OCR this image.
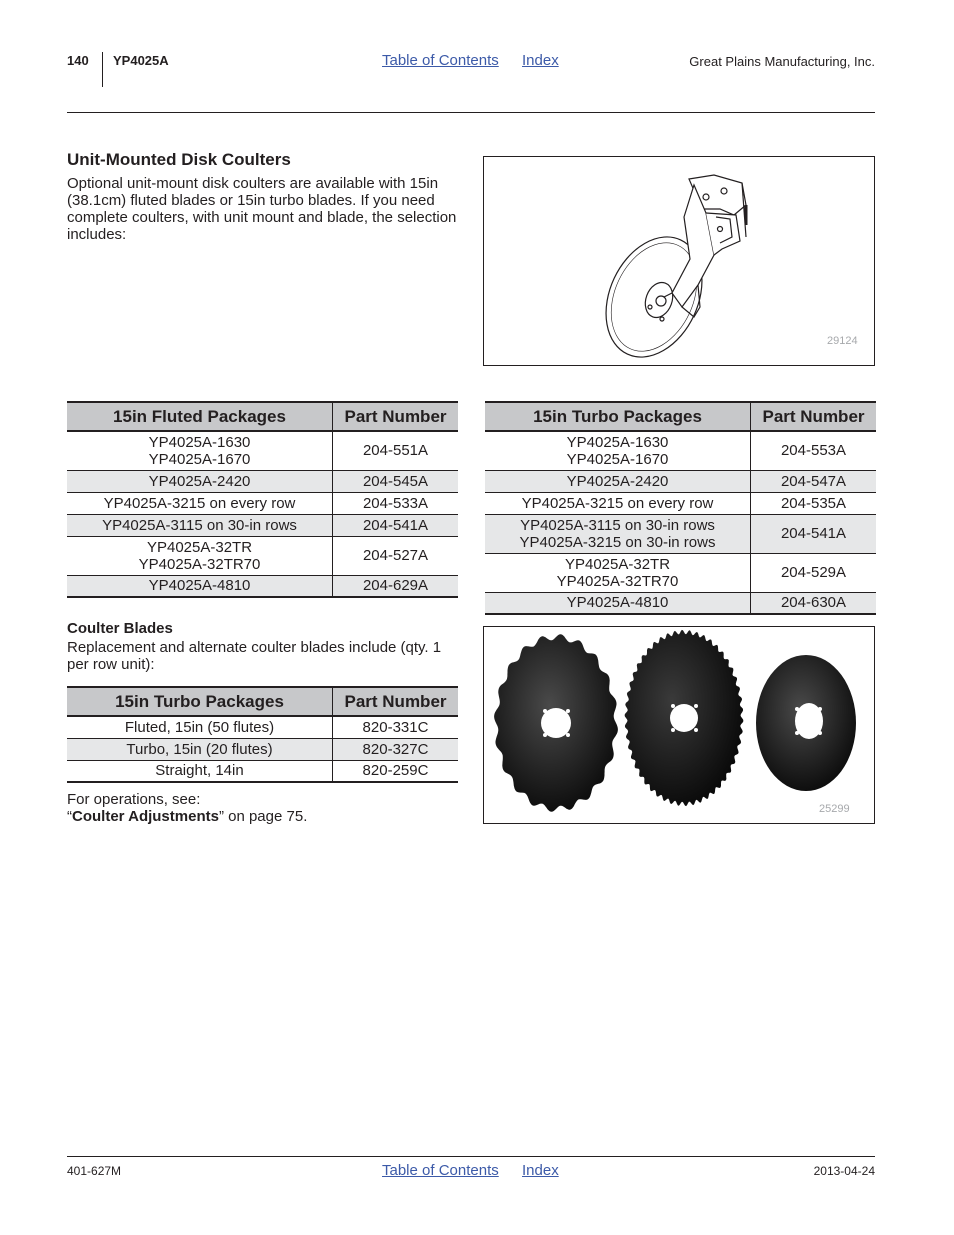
140 YP4025A	Table of Contents Index	Great Plains Manufacturing, Inc.
Unit-Mounted Disk Coulters
Optional unit-mount disk coulters are available with 15in (38.1cm) fluted blades or 15in turbo blades. If you need complete coulters, with unit mount and blade, the selection includes:
29124
15in Fluted Packages	Part Number
YP4025A-1630
YP4025A-1670	204-551A
YP4025A-2420	204-545A
YP4025A-3215 on every row	204-533A
YP4025A-3115 on 30-in rows	204-541A
YP4025A-32TR
YP4025A-32TR70	204-527A
YP4025A-4810	204-629A
15in Turbo Packages	Part Number
YP4025A-1630
YP4025A-1670	204-553A
YP4025A-2420	204-547A
YP4025A-3215 on every row	204-535A
YP4025A-3115 on 30-in rows
YP4025A-3215 on 30-in rows	204-541A
YP4025A-32TR
YP4025A-32TR70	204-529A
YP4025A-4810	204-630A
Coulter Blades
Replacement and alternate coulter blades include (qty. 1 per row unit):
15in Turbo Packages	Part Number
Fluted, 15in (50 flutes)	820-331C
Turbo, 15in (20 flutes)	820-327C
Straight, 14in	820-259C
For operations, see:
“Coulter Adjustments” on page 75.	25299
401-627M	Table of Contents Index	2013-04-24
